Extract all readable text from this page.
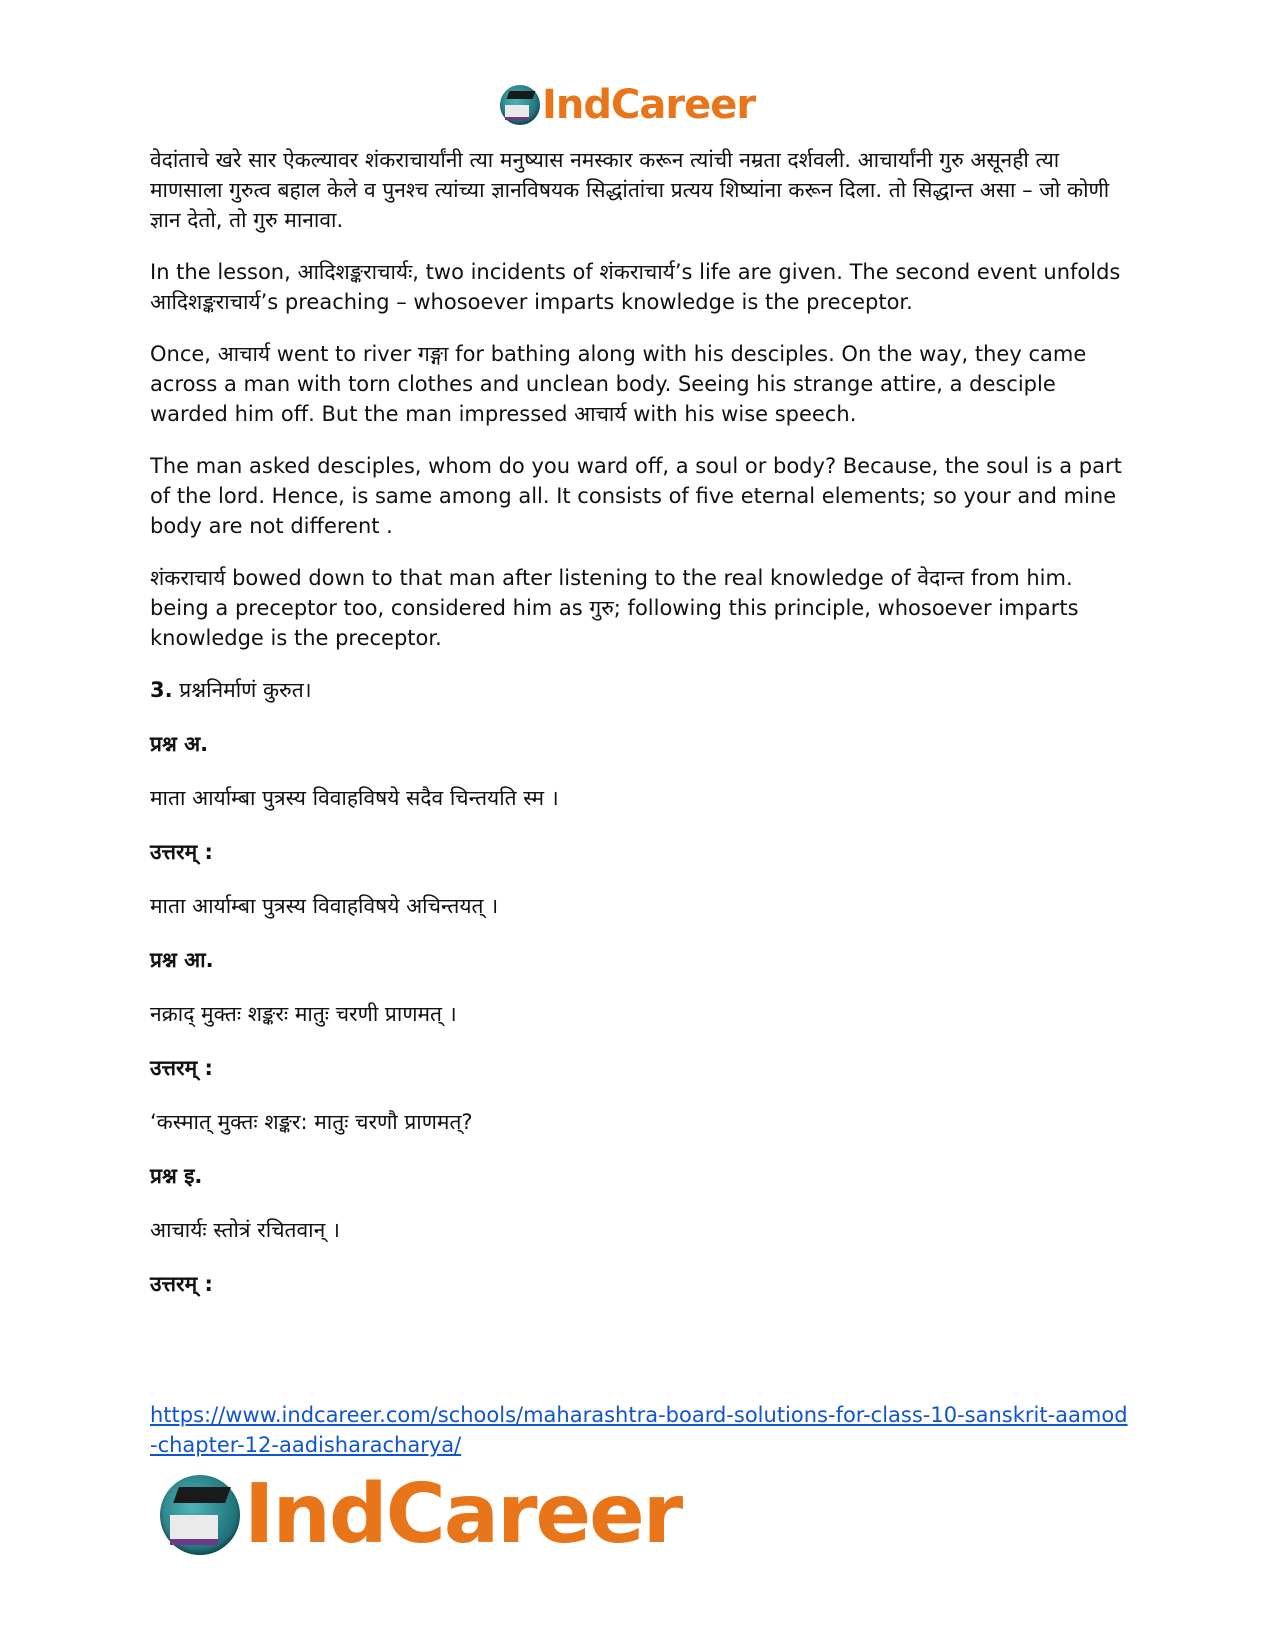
IndCareer

वेदांताचे खरे सार ऐकल्यावर शंकराचार्यांनी त्या मनुष्यास नमस्कार करून त्यांची नम्रता दर्शवली. आचार्यांनी गुरु असूनही त्या माणसाला गुरुत्व बहाल केले व पुनश्च त्यांच्या ज्ञानविषयक सिद्धांतांचा प्रत्यय शिष्यांना करून दिला. तो सिद्धान्त असा – जो कोणी ज्ञान देतो, तो गुरु मानावा.

In the lesson, आदिशङ्कराचार्यः, two incidents of शंकराचार्य’s life are given. The second event unfolds आदिशङ्कराचार्य’s preaching – whosoever imparts knowledge is the preceptor.

Once, आचार्य went to river गङ्गा for bathing along with his desciples. On the way, they came across a man with torn clothes and unclean body. Seeing his strange attire, a desciple warded him off. But the man impressed आचार्य with his wise speech.

The man asked desciples, whom do you ward off, a soul or body? Because, the soul is a part of the lord. Hence, is same among all. It consists of five eternal elements; so your and mine body are not different .

शंकराचार्य bowed down to that man after listening to the real knowledge of वेदान्त from him. being a preceptor too, considered him as गुरु; following this principle, whosoever imparts knowledge is the preceptor.

3. प्रश्ननिर्माणं कुरुत।

प्रश्न अ.

माता आर्याम्बा पुत्रस्य विवाहविषये सदैव चिन्तयति स्म ।

उत्तरम् :

माता आर्याम्बा पुत्रस्य विवाहविषये अचिन्तयत् ।

प्रश्न आ.

नक्राद् मुक्तः शङ्करः मातुः चरणी प्राणमत् ।

उत्तरम् :

‘कस्मात् मुक्तः शङ्कर: मातुः चरणौ प्राणमत्?

प्रश्न इ.

आचार्यः स्तोत्रं रचितवान् ।

उत्तरम् :

https://www.indcareer.com/schools/maharashtra-board-solutions-for-class-10-sanskrit-aamod-chapter-12-aadisharacharya/
IndCareer
